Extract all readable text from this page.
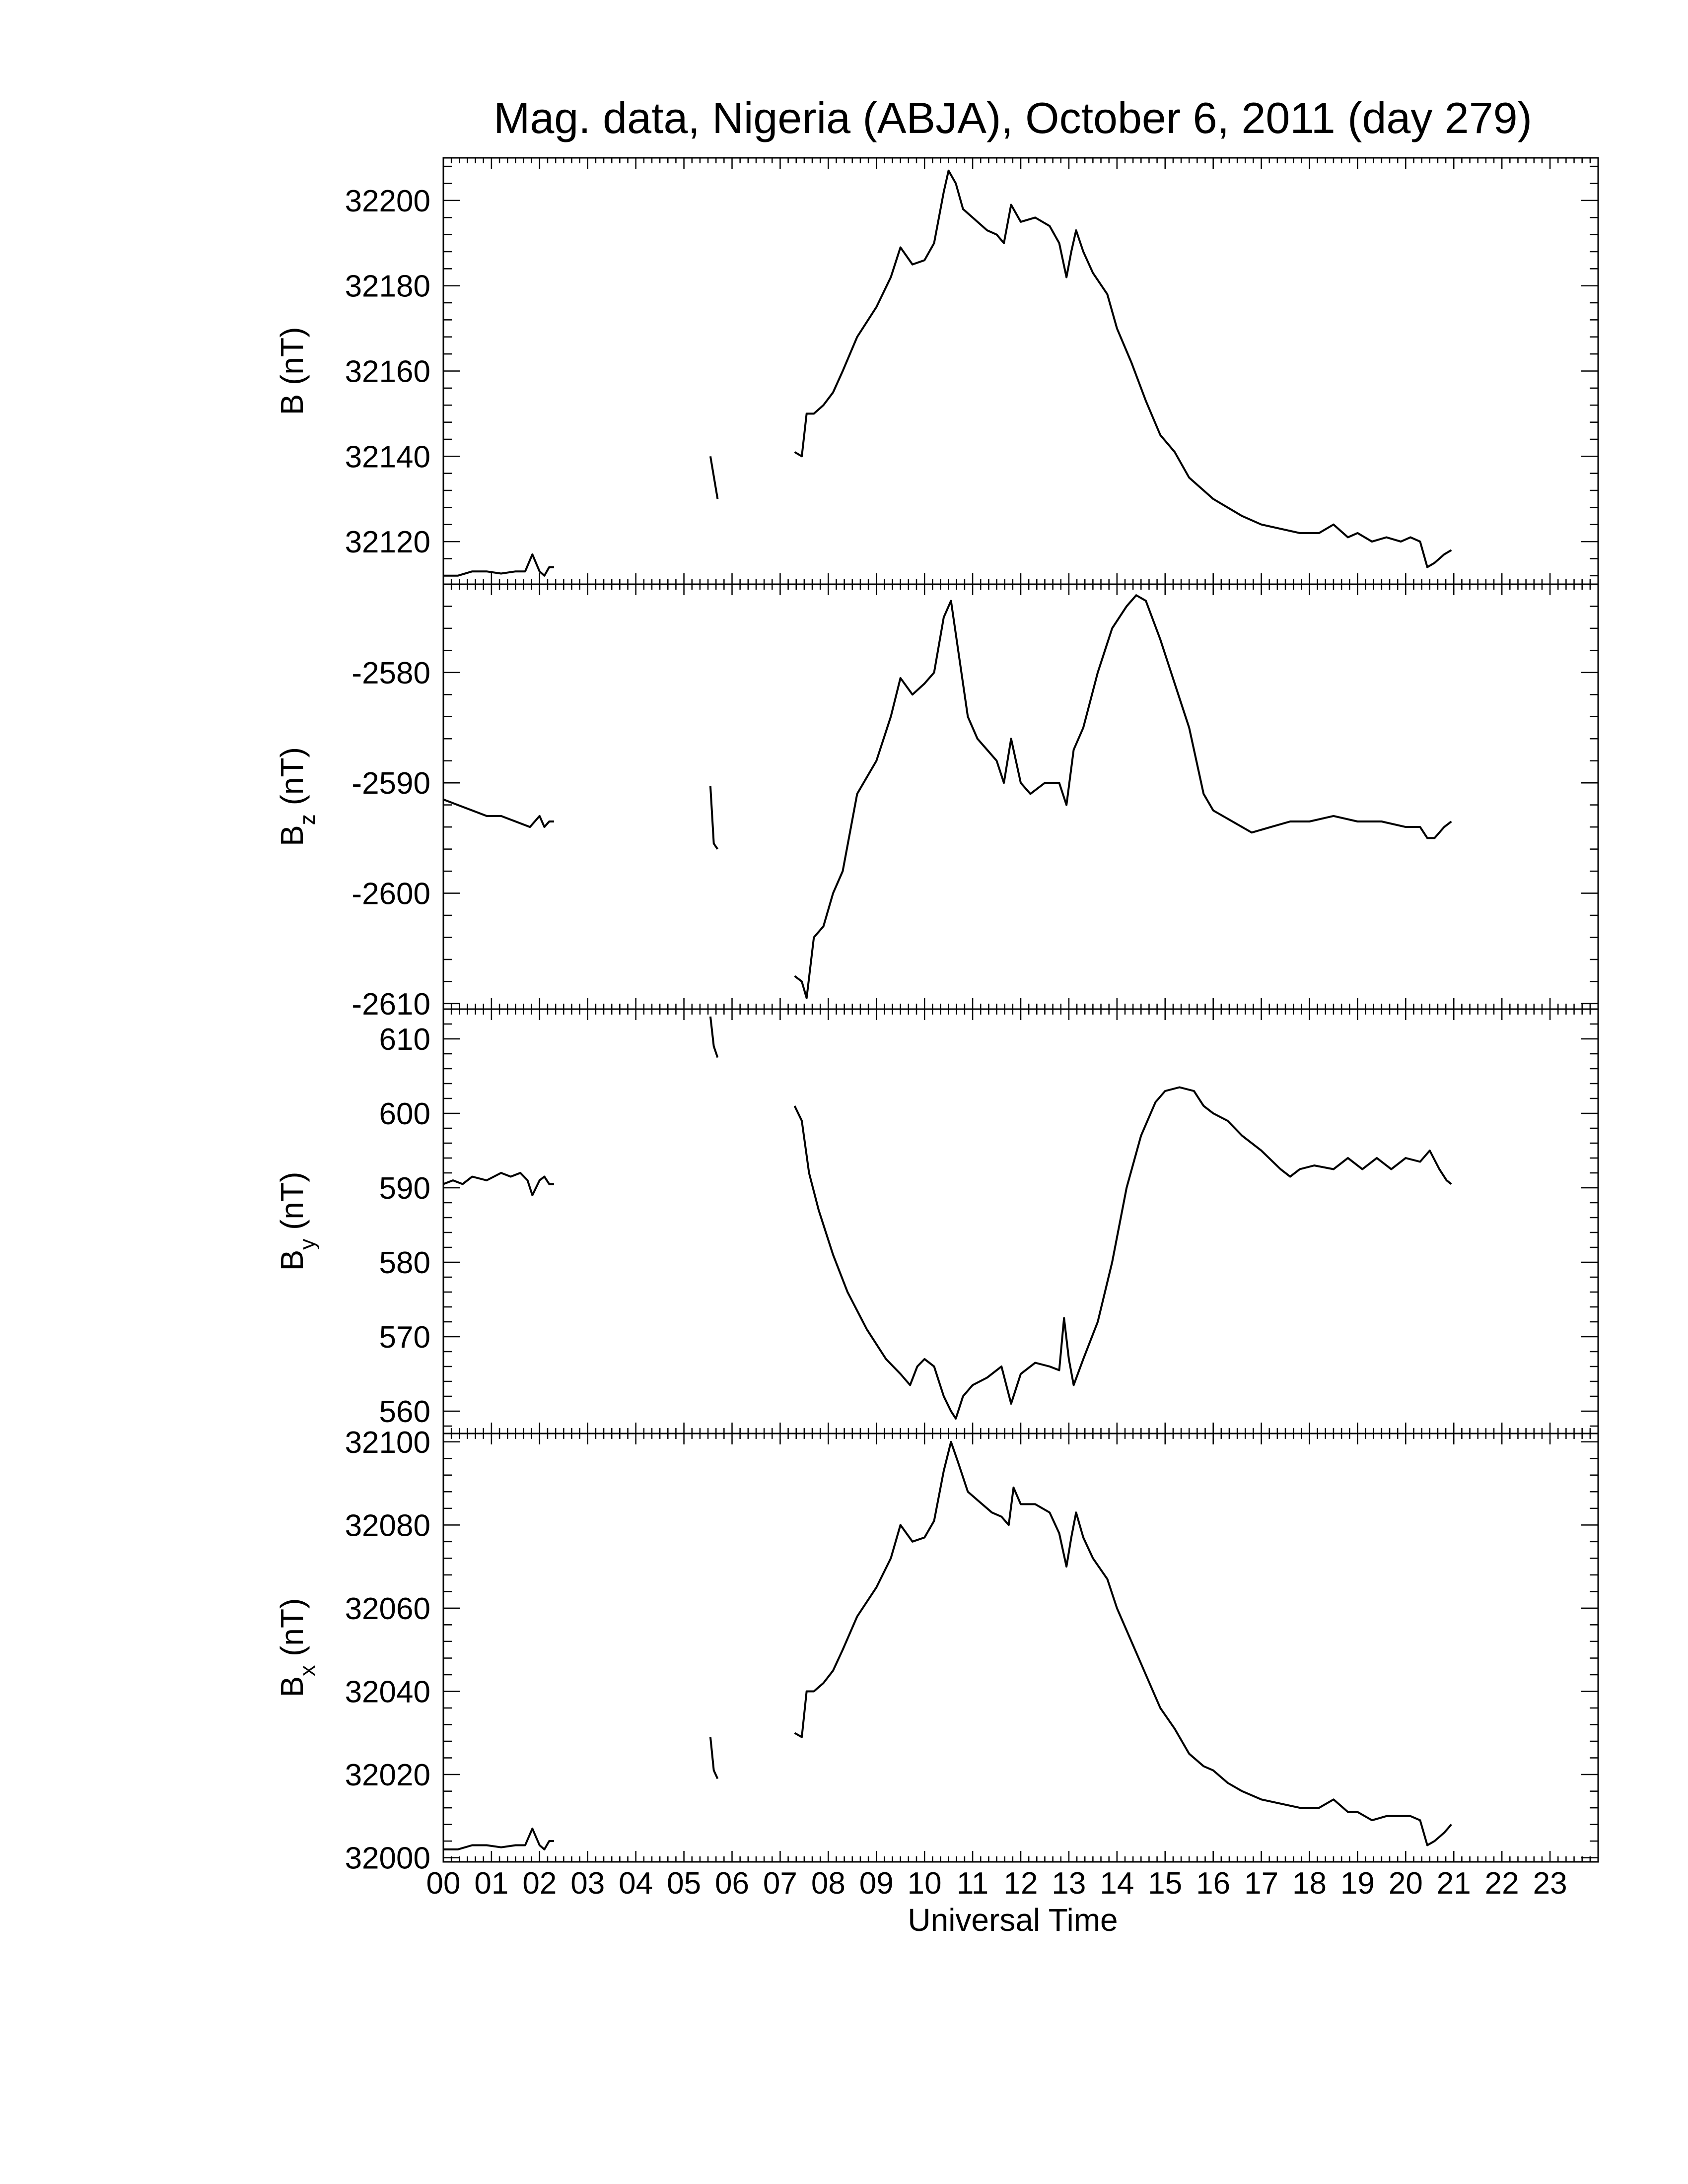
Mag. data, Nigeria (ABJA), October 6, 2011 (day 279)
32120
32140
32160
32180
32200
B (nT)
-2610
-2600
-2590
-2580
$B_z$ (nT)
560
570
580
590
600
610
$B_y$ (nT)
32000
32020
32040
32060
32080
32100
$B_x$ (nT)
00 01 02 03 04 05 06 07 08 09 10 11 12 13 14 15 16 17 18 19 20 21 22 23
Universal Time
